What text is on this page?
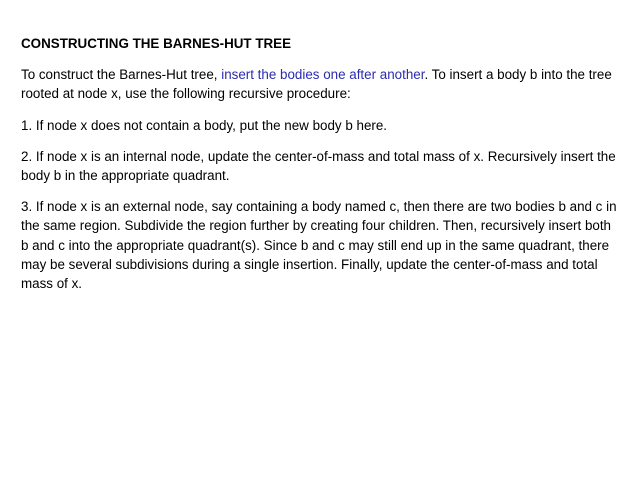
CONSTRUCTING THE BARNES-HUT TREE

To construct the Barnes-Hut tree, insert the bodies one after another. To insert a body b into the tree rooted at node x, use the following recursive procedure:

1. If node x does not contain a body, put the new body b here.

2. If node x is an internal node, update the center-of-mass and total mass of x. Recursively insert the body b in the appropriate quadrant.

3. If node x is an external node, say containing a body named c, then there are two bodies b and c in the same region. Subdivide the region further by creating four children. Then, recursively insert both b and c into the appropriate quadrant(s). Since b and c may still end up in the same quadrant, there may be several subdivisions during a single insertion. Finally, update the center-of-mass and total mass of x.
